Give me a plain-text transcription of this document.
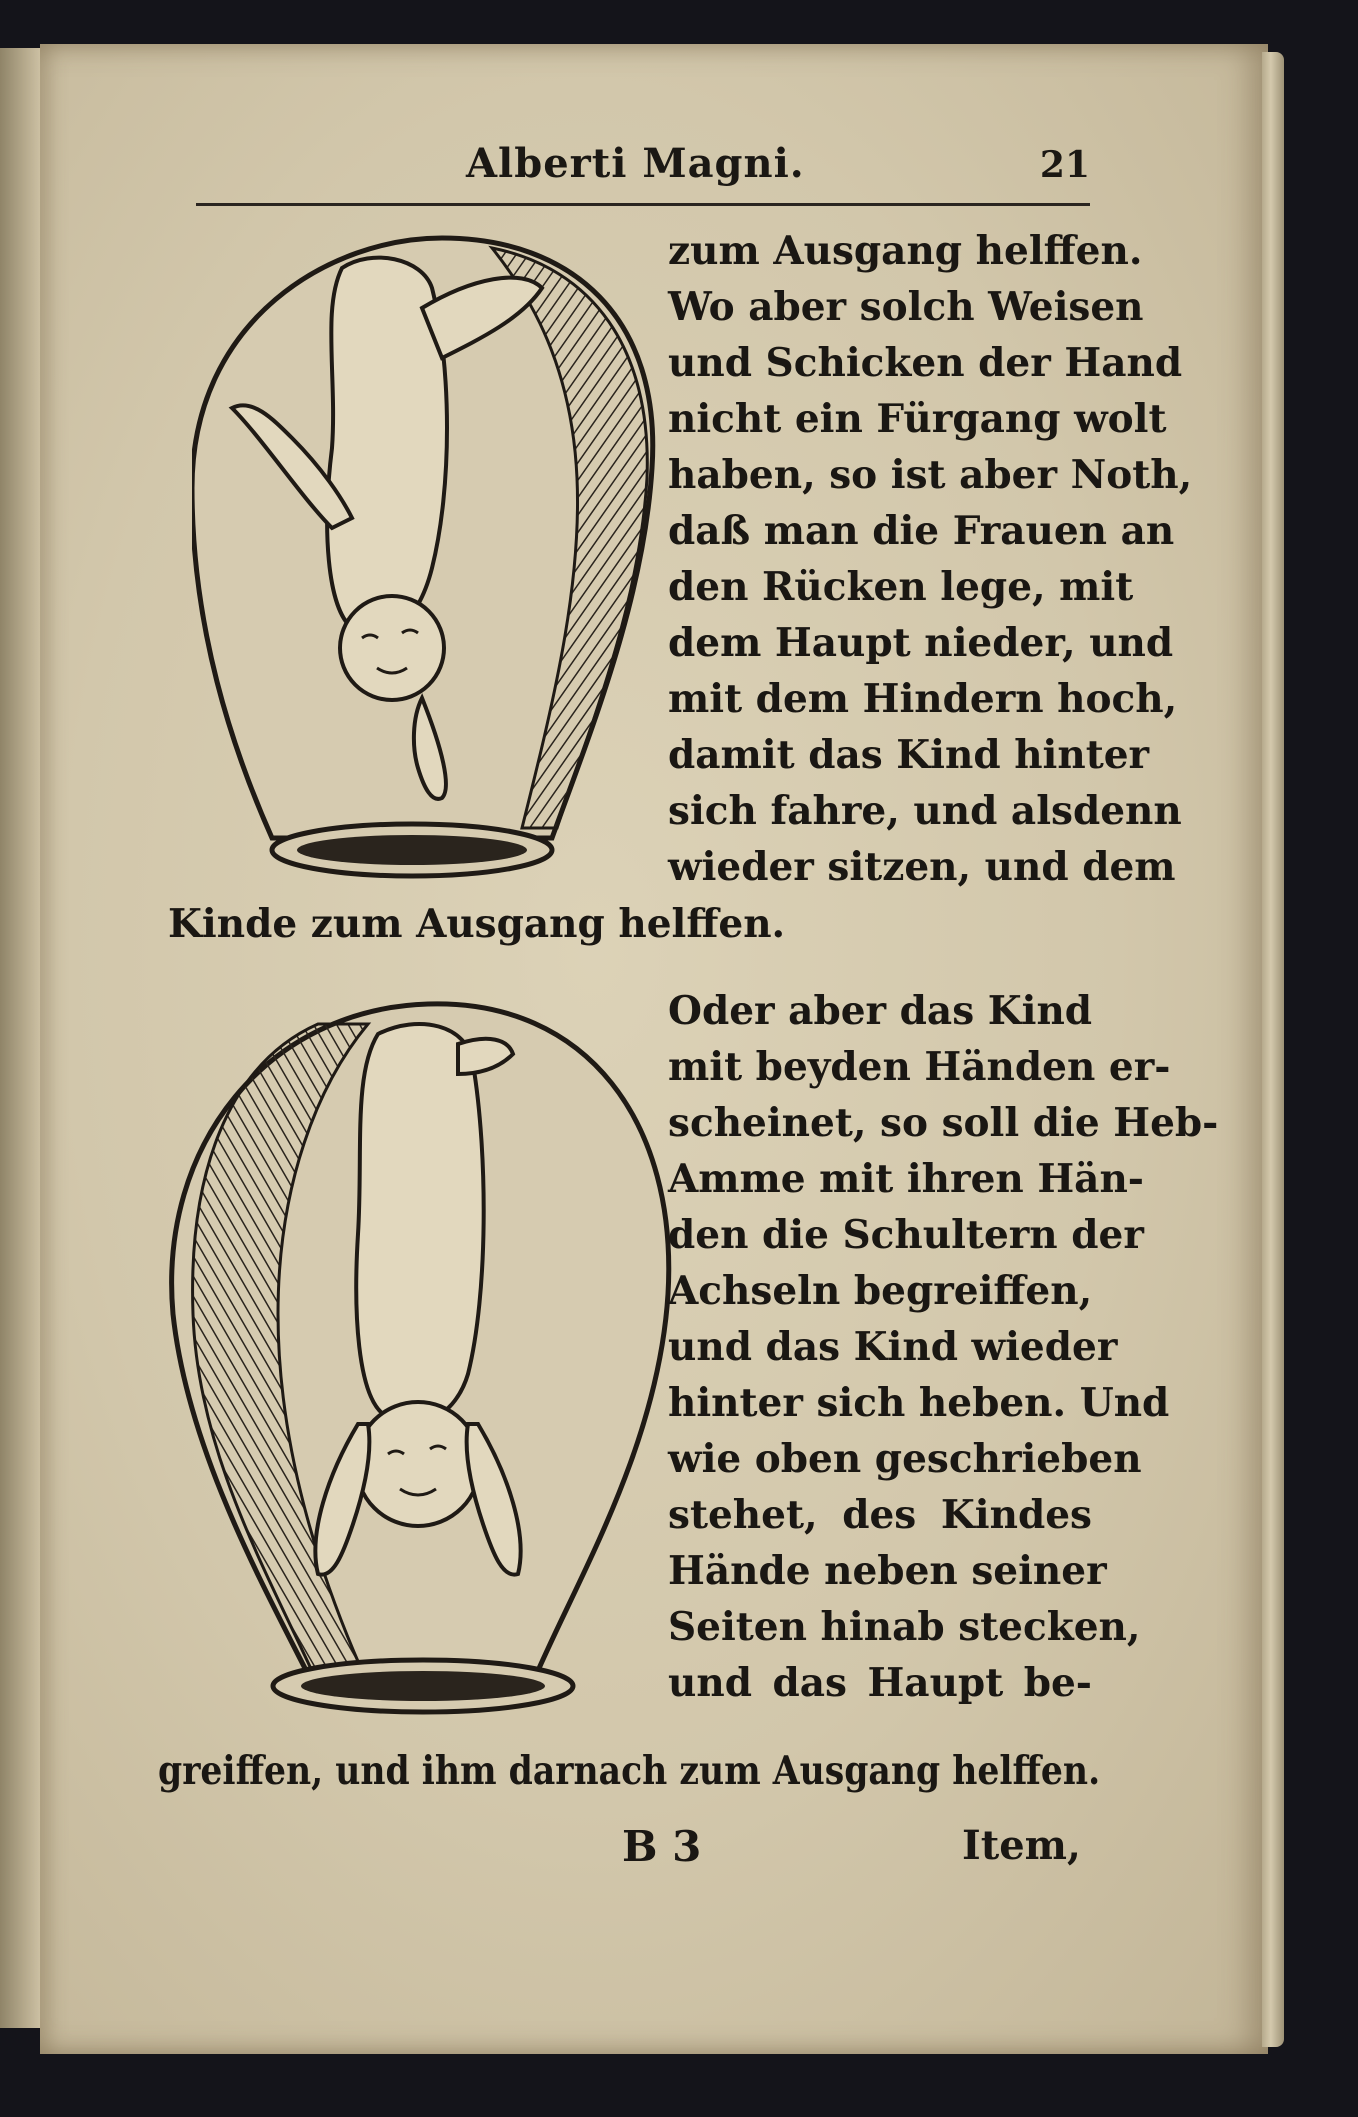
Alberti Magni.	21
zum Ausgang helffen.
Wo aber solch Weisen
und Schicken der Hand
nicht ein Fürgang wolt
haben, so ist aber Noth,
daß man die Frauen an
den Rücken lege, mit
dem Haupt nieder, und
mit dem Hindern hoch,
damit das Kind hinter
sich fahre, und alsdenn
wieder sitzen, und dem
Kinde zum Ausgang helffen.
Oder aber das Kind
mit beyden Händen er-
scheinet, so soll die Heb-
Amme mit ihren Hän-
den die Schultern der
Achseln begreiffen,
und das Kind wieder
hinter sich heben. Und
wie oben geschrieben
stehet, des Kindes
Hände neben seiner
Seiten hinab stecken,
und das Haupt be-
greiffen, und ihm darnach zum Ausgang helffen.
B 3	Item,
